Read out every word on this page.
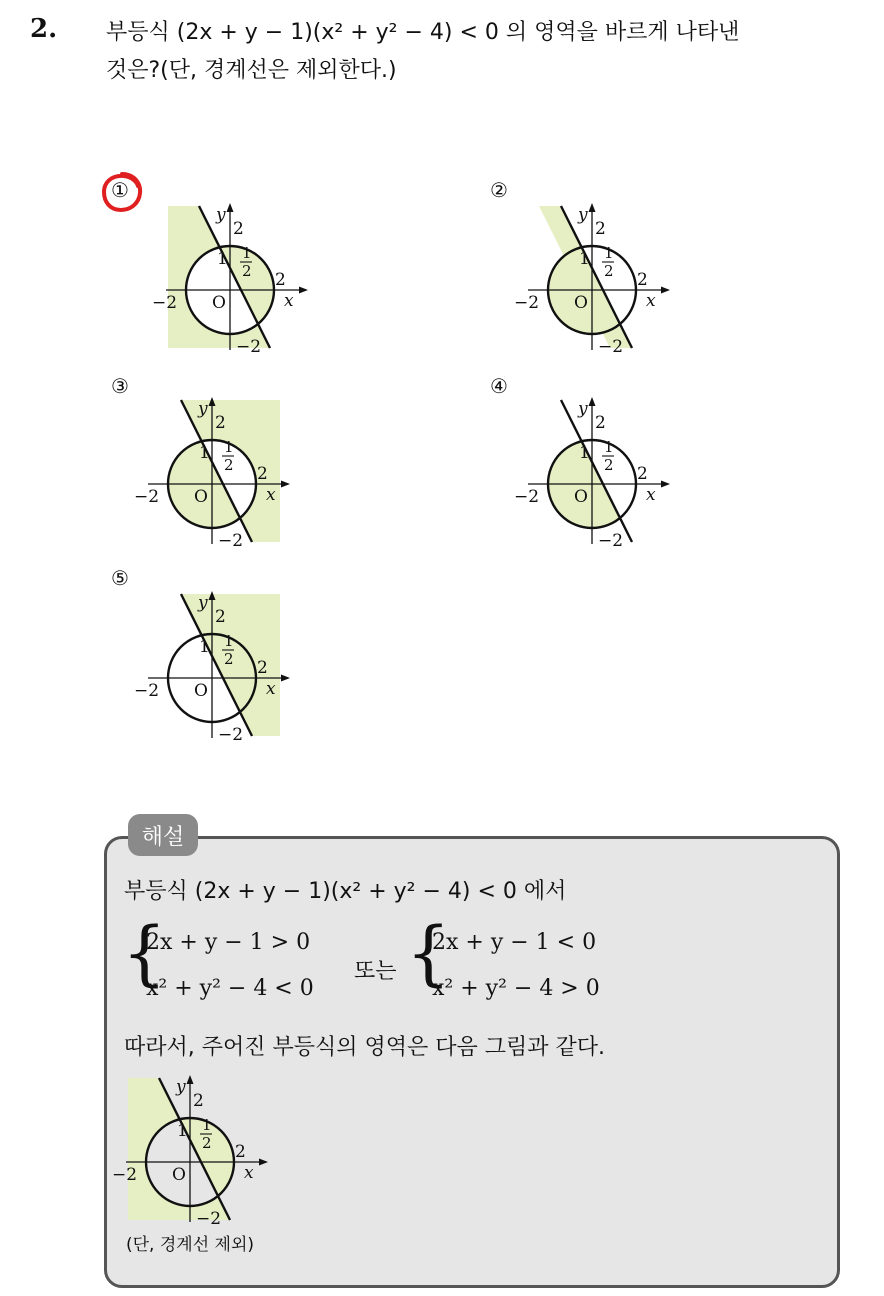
2. 부등식 (2x + y − 1)(x² + y² − 4) < 0 의 영역을 바르게 나타낸
것은?(단, 경계선은 제외한다.)
①	②
③	④
⑤
y
2
1 1
2 2
−2 O	x
−2
y
2
1 1
2 2
−2 O	x
−2
y
2
1 1
2 2
−2 O	x
−2
y
2
1 1
2 2
−2 O	x
−2
y
2
1 1
2 2
−2 O	x
−2
해설
부등식 (2x + y − 1)(x² + y² − 4) < 0 에서
{
2x + y − 1 > 0
x² + y² − 4 < 0
또는 {
2x + y − 1 < 0
x² + y² − 4 > 0
따라서, 주어진 부등식의 영역은 다음 그림과 같다.
y
2
1 1
2 2
−2 O	x
−2
(단, 경계선 제외)
